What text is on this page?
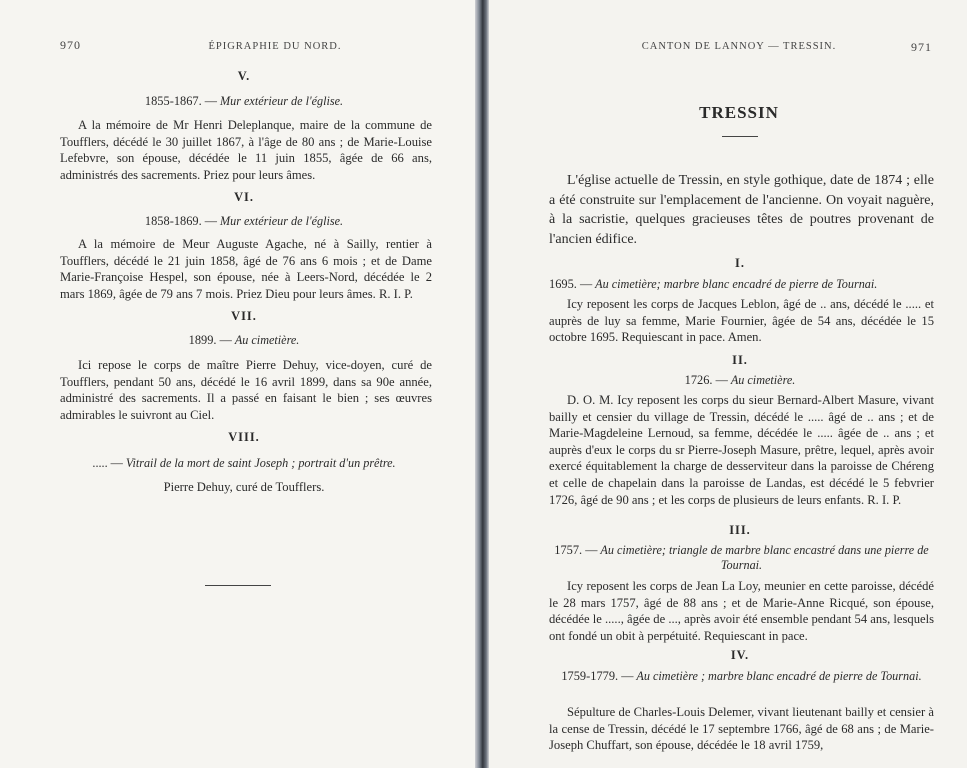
970	ÉPIGRAPHIE DU NORD.
V.
1855-1867. — Mur extérieur de l'église.

A la mémoire de Mr Henri Deleplanque, maire de la commune de Toufflers, décédé le 30 juillet 1867, à l'âge de 80 ans ; de Marie-Louise Lefebvre, son épouse, décédée le 11 juin 1855, âgée de 66 ans, administrés des sacrements. Priez pour leurs âmes.

VI.
1858-1869. — Mur extérieur de l'église.

A la mémoire de Meur Auguste Agache, né à Sailly, rentier à Toufflers, décédé le 21 juin 1858, âgé de 76 ans 6 mois ; et de Dame Marie-Françoise Hespel, son épouse, née à Leers-Nord, décédée le 2 mars 1869, âgée de 79 ans 7 mois. Priez Dieu pour leurs âmes. R. I. P.

VII.
1899. — Au cimetière.

Ici repose le corps de maître Pierre Dehuy, vice-doyen, curé de Toufflers, pendant 50 ans, décédé le 16 avril 1899, dans sa 90e année, administré des sacrements. Il a passé en faisant le bien ; ses œuvres admirables le suivront au Ciel.

VIII.
..... — Vitrail de la mort de saint Joseph ; portrait d'un prêtre.

Pierre Dehuy, curé de Toufflers.

CANTON DE LANNOY — TRESSIN.	971
TRESSIN

L'église actuelle de Tressin, en style gothique, date de 1874 ; elle a été construite sur l'emplacement de l'ancienne. On voyait naguère, à la sacristie, quelques gracieuses têtes de poutres provenant de l'ancien édifice.

I.
1695. — Au cimetière; marbre blanc encadré de pierre de Tournai.

Icy reposent les corps de Jacques Leblon, âgé de .. ans, décédé le ..... et auprès de luy sa femme, Marie Fournier, âgée de 54 ans, décédée le 15 octobre 1695. Requiescant in pace. Amen.

II.
1726. — Au cimetière.

D. O. M. Icy reposent les corps du sieur Bernard-Albert Masure, vivant bailly et censier du village de Tressin, décédé le ..... âgé de .. ans ; et de Marie-Magdeleine Lernoud, sa femme, décédée le ..... âgée de .. ans ; et auprès d'eux le corps du sr Pierre-Joseph Masure, prêtre, lequel, après avoir exercé équitablement la charge de desserviteur dans la paroisse de Chéreng et celle de chapelain dans la paroisse de Landas, est décédé le 5 febvrier 1726, âgé de 90 ans ; et les corps de plusieurs de leurs enfants. R. I. P.

III.
1757. — Au cimetière; triangle de marbre blanc encastré dans une pierre de Tournai.

Icy reposent les corps de Jean La Loy, meunier en cette paroisse, décédé le 28 mars 1757, âgé de 88 ans ; et de Marie-Anne Ricqué, son épouse, décédée le ....., âgée de ..., après avoir été ensemble pendant 54 ans, lesquels ont fondé un obit à perpétuité. Requiescant in pace.

IV.
1759-1779. — Au cimetière ; marbre blanc encadré de pierre de Tournai.

Sépulture de Charles-Louis Delemer, vivant lieutenant bailly et censier à la cense de Tressin, décédé le 17 septembre 1766, âgé de 68 ans ; de Marie-Joseph Chuffart, son épouse, décédée le 18 avril 1759,
